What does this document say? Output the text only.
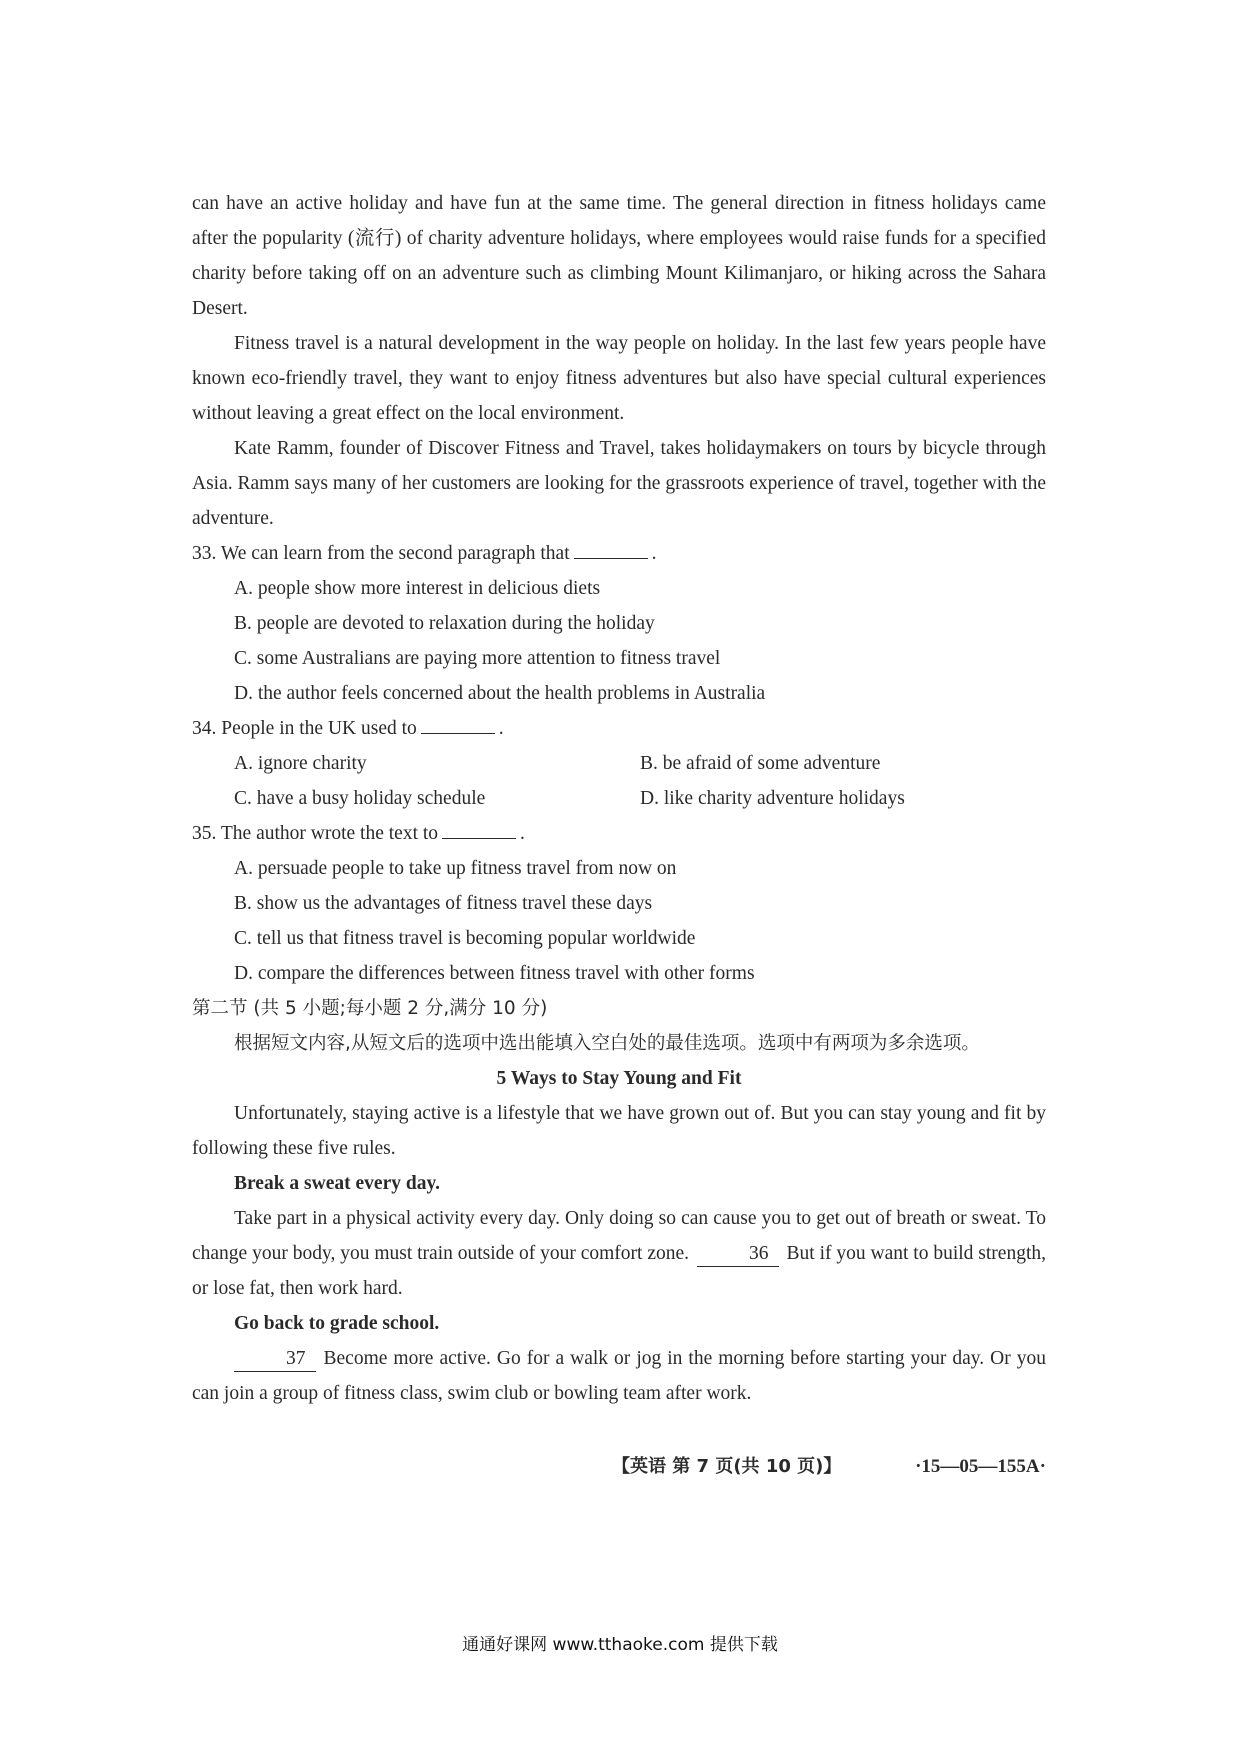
can have an active holiday and have fun at the same time. The general direction in fitness holidays came after the popularity (流行) of charity adventure holidays, where employees would raise funds for a specified charity before taking off on an adventure such as climbing Mount Kilimanjaro, or hiking across the Sahara Desert.

Fitness travel is a natural development in the way people on holiday. In the last few years people have known eco-friendly travel, they want to enjoy fitness adventures but also have special cultural experiences without leaving a great effect on the local environment.

Kate Ramm, founder of Discover Fitness and Travel, takes holidaymakers on tours by bicycle through Asia. Ramm says many of her customers are looking for the grassroots experience of travel, together with the adventure.

33. We can learn from the second paragraph that	.

A. people show more interest in delicious diets

B. people are devoted to relaxation during the holiday

C. some Australians are paying more attention to fitness travel

D. the author feels concerned about the health problems in Australia

34. People in the UK used to	.

A. ignore charity	B. be afraid of some adventure
C. have a busy holiday schedule	D. like charity adventure holidays

35. The author wrote the text to	.

A. persuade people to take up fitness travel from now on

B. show us the advantages of fitness travel these days

C. tell us that fitness travel is becoming popular worldwide

D. compare the differences between fitness travel with other forms

第二节 (共 5 小题;每小题 2 分,满分 10 分)

根据短文内容,从短文后的选项中选出能填入空白处的最佳选项。选项中有两项为多余选项。

5 Ways to Stay Young and Fit

Unfortunately, staying active is a lifestyle that we have grown out of. But you can stay young and fit by following these five rules.

Break a sweat every day.

Take part in a physical activity every day. Only doing so can cause you to get out of breath or sweat. To change your body, you must train outside of your comfort zone.	36 But if you want to build strength, or lose fat, then work hard.

Go back to grade school.

37 Become more active. Go for a walk or jog in the morning before starting your day. Or you can join a group of fitness class, swim club or bowling team after work.

【英语 第 7 页(共 10 页)】	·15—05—155A·
通通好课网 www.tthaoke.com 提供下载
